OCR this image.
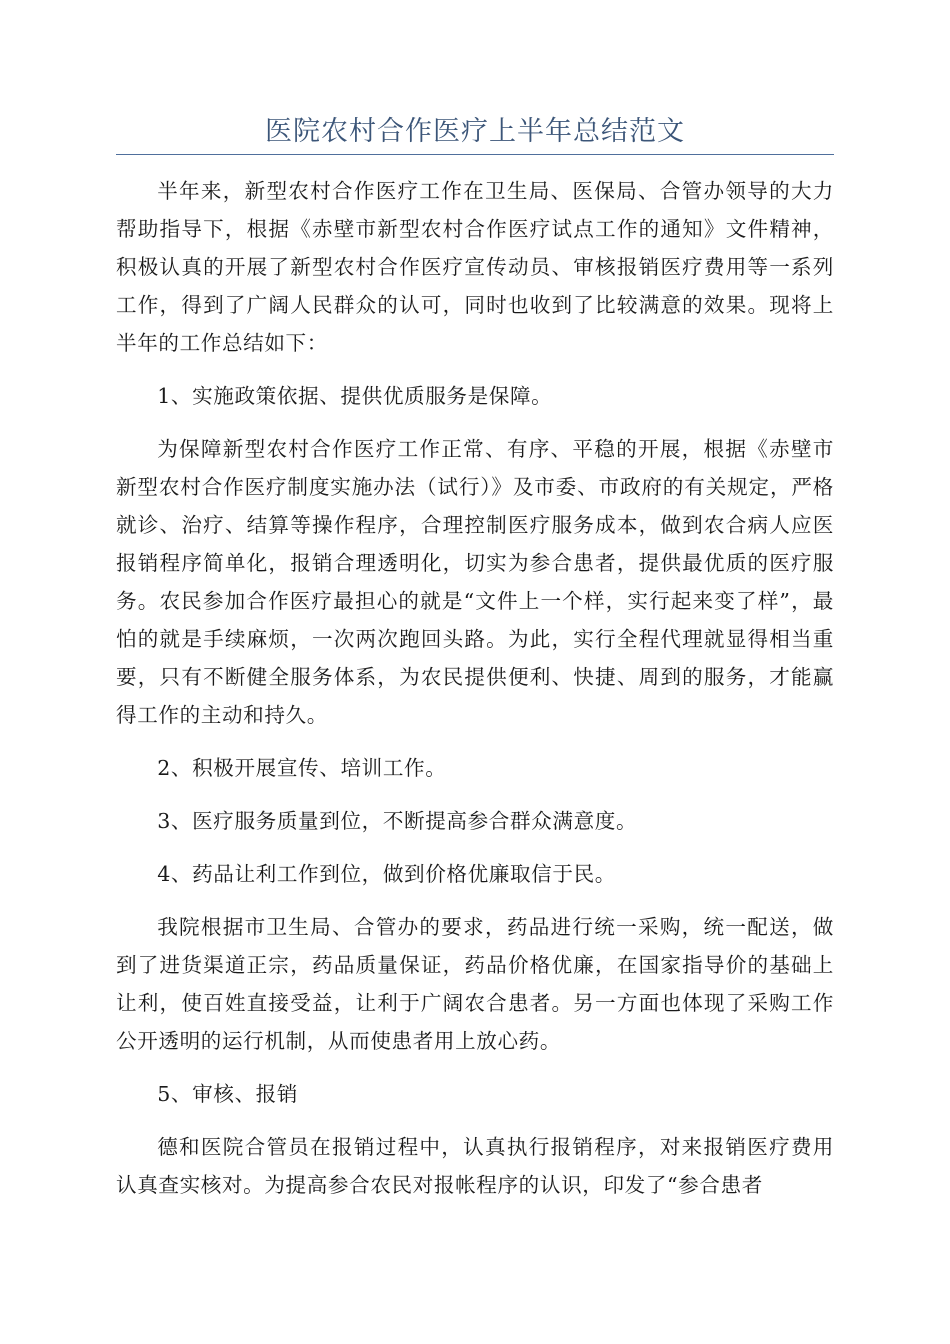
医院农村合作医疗上半年总结范文

半年来，新型农村合作医疗工作在卫生局、医保局、合管办领导的大力帮助指导下，根据《赤壁市新型农村合作医疗试点工作的通知》文件精神，积极认真的开展了新型农村合作医疗宣传动员、审核报销医疗费用等一系列工作，得到了广阔人民群众的认可，同时也收到了比较满意的效果。现将上半年的工作总结如下：

1、实施政策依据、提供优质服务是保障。

为保障新型农村合作医疗工作正常、有序、平稳的开展，根据《赤壁市新型农村合作医疗制度实施办法（试行）》及市委、市政府的有关规定，严格就诊、治疗、结算等操作程序，合理控制医疗服务成本，做到农合病人应医报销程序简单化，报销合理透明化，切实为参合患者，提供最优质的医疗服务。农民参加合作医疗最担心的就是“文件上一个样，实行起来变了样”，最怕的就是手续麻烦，一次两次跑回头路。为此，实行全程代理就显得相当重要，只有不断健全服务体系，为农民提供便利、快捷、周到的服务，才能赢得工作的主动和持久。

2、积极开展宣传、培训工作。

3、医疗服务质量到位，不断提高参合群众满意度。

4、药品让利工作到位，做到价格优廉取信于民。

我院根据市卫生局、合管办的要求，药品进行统一采购，统一配送，做到了进货渠道正宗，药品质量保证，药品价格优廉，在国家指导价的基础上让利，使百姓直接受益，让利于广阔农合患者。另一方面也体现了采购工作公开透明的运行机制，从而使患者用上放心药。

5、审核、报销

德和医院合管员在报销过程中，认真执行报销程序，对来报销医疗费用认真查实核对。为提高参合农民对报帐程序的认识，印发了“参合患者
